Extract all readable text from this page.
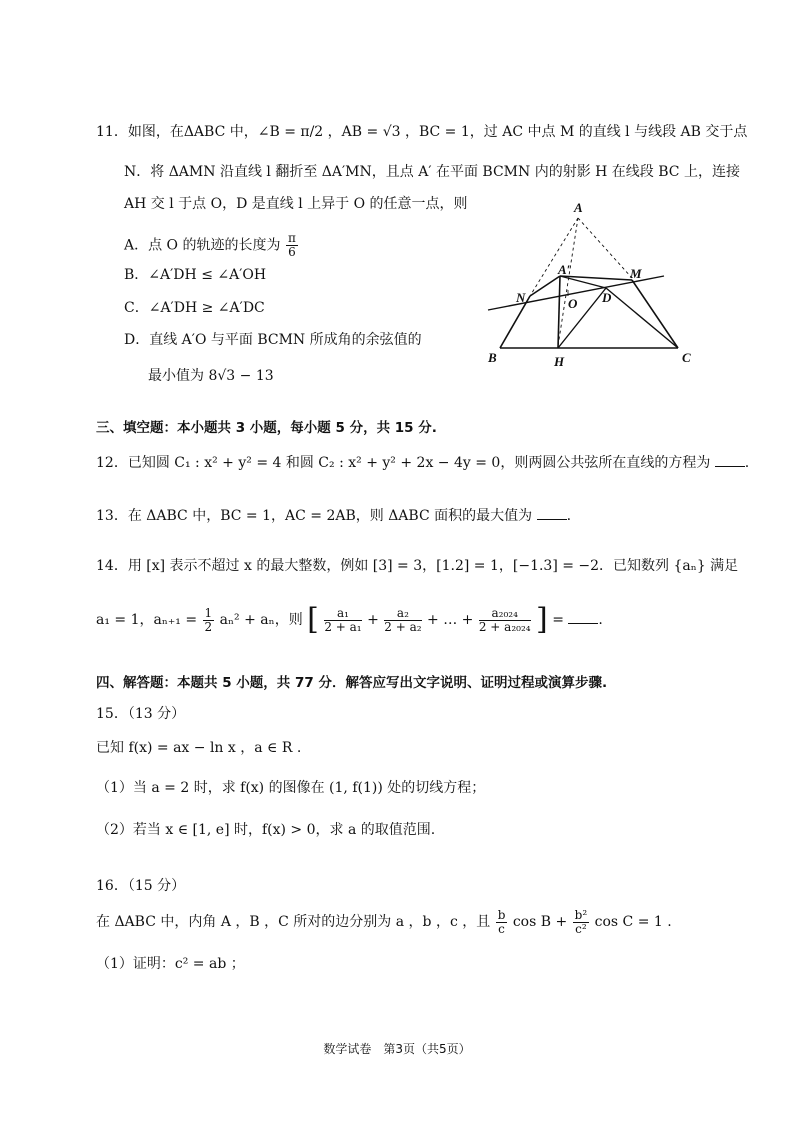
11．如图，在ΔABC 中，∠B = π/2 ，AB = √3 ，BC = 1，过 AC 中点 M 的直线 l 与线段 AB 交于点
N．将 ΔAMN 沿直线 l 翻折至 ΔA′MN，且点 A′ 在平面 BCMN 内的射影 H 在线段 BC 上，连接
AH 交 l 于点 O，D 是直线 l 上异于 O 的任意一点，则
A．点 O 的轨迹的长度为 $\frac{\pi}{6}$
B．∠A′DH ≤ ∠A′OH
C．∠A′DH ≥ ∠A′DC
D．直线 A′O 与平面 BCMN 所成角的余弦值的
最小值为 8√3 − 13
A
A′	M
N	O D
B	H	C
三、填空题：本小题共 3 小题，每小题 5 分，共 15 分.
12．已知圆 C₁ : x² + y² = 4 和圆 C₂ : x² + y² + 2x − 4y = 0，则两圆公共弦所在直线的方程为 .
13．在 ΔABC 中，BC = 1，AC = 2AB，则 ΔABC 面积的最大值为 .
14．用 [x] 表示不超过 x 的最大整数，例如 [3] = 3，[1.2] = 1，[−1.3] = −2．已知数列 {aₙ} 满足
a₁ = 1，$a_{n+1} = \frac{1}{2} a_n^2 + a_n$，则 [ $\frac{\text{a₁}}{\text{2 + a₁}} + \frac{\text{a₂}}{\text{2 + a₂}}$ + … + $\frac{\text{a₂₀₂₄}}{\text{2 + a₂₀₂₄}}$ ] = .
四、解答题：本题共 5 小题，共 77 分．解答应写出文字说明、证明过程或演算步骤.
15．（13 分）
已知 f(x) = ax − ln x ，a ∈ R .
（1）当 a = 2 时，求 f(x) 的图像在 (1, f(1)) 处的切线方程；
（2）若当 x ∈ [1, e] 时，f(x) > 0，求 a 的取值范围.
16．（15 分）
在 ΔABC 中，内角 A ，B ，C 所对的边分别为 a ，b ，c ，且 $\frac{b}{c}$ $\cos B + \frac{\text{b²}}{\text{c²}}$ cos C = 1 .
（1）证明：c² = ab ；
数学试卷　第3页（共5页）
